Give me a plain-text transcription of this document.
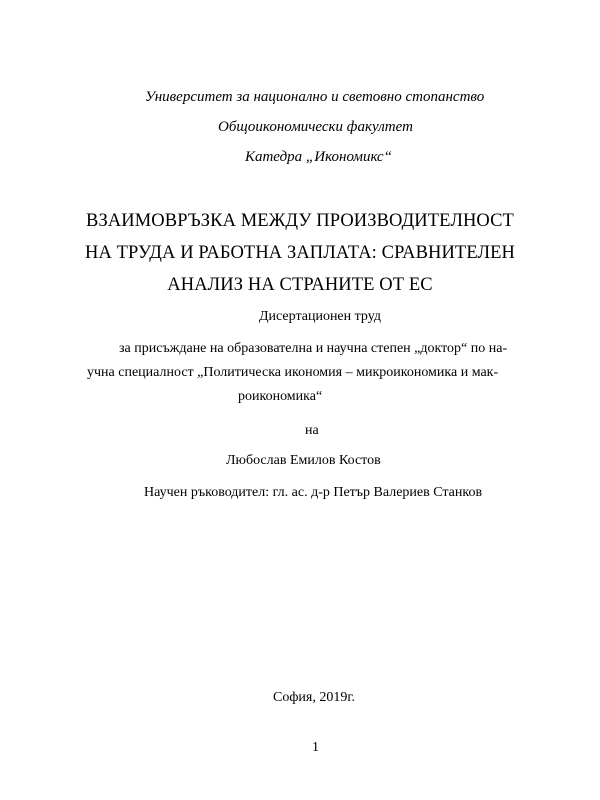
Университет за национално и световно стопанство
Общоикономически факултет
Катедра „Икономикс“
ВЗАИМОВРЪЗКА МЕЖДУ ПРОИЗВОДИТЕЛНОСТ
НА ТРУДА И РАБОТНА ЗАПЛАТА: СРАВНИТЕЛЕН
АНАЛИЗ НА СТРАНИТЕ ОТ ЕС
Дисертационен труд
за присъждане на образователна и научна степен „доктор“ по на-
учна специалност „Политическа икономия – микроикономика и мак-
роикономика“
на
Любослав Емилов Костов
Научен ръководител: гл. ас. д-р Петър Валериев Станков
София, 2019г.
1
